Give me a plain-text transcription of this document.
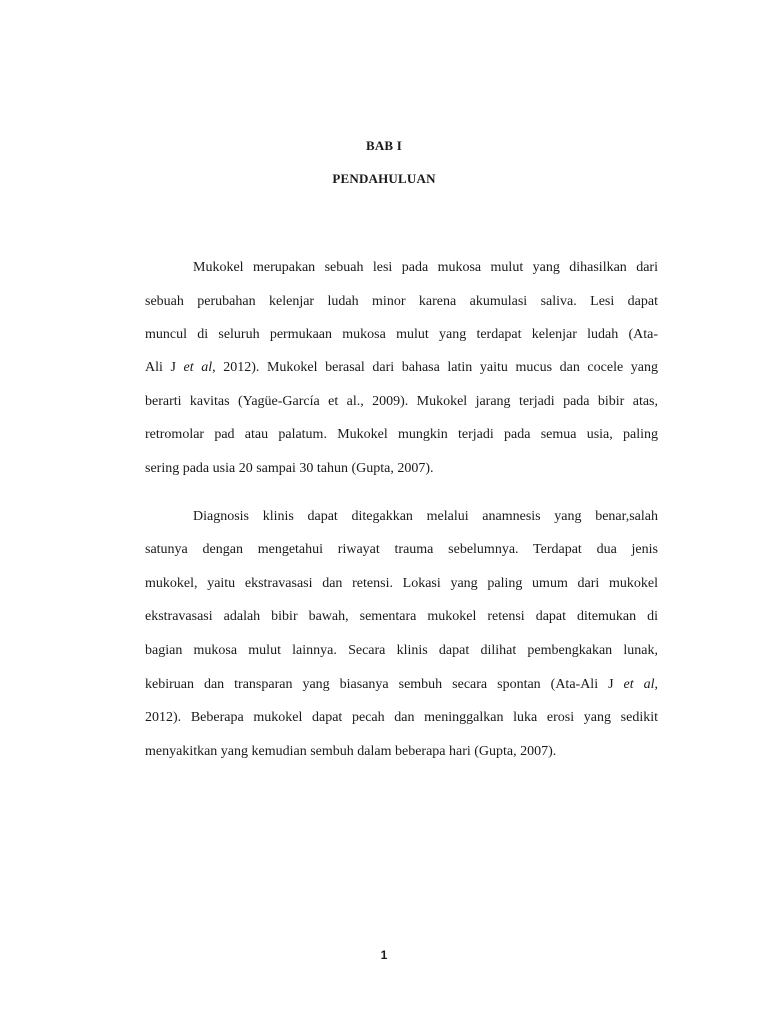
BAB I
PENDAHULUAN
Mukokel merupakan sebuah lesi pada mukosa mulut yang dihasilkan dari
sebuah perubahan kelenjar ludah minor karena akumulasi saliva. Lesi dapat
muncul di seluruh permukaan mukosa mulut yang terdapat kelenjar ludah (Ata-
Ali J et al, 2012). Mukokel berasal dari bahasa latin yaitu mucus dan cocele yang
berarti kavitas (Yagüe-García et al., 2009). Mukokel jarang terjadi pada bibir atas,
retromolar pad atau palatum. Mukokel mungkin terjadi pada semua usia, paling
sering pada usia 20 sampai 30 tahun (Gupta, 2007).
Diagnosis klinis dapat ditegakkan melalui anamnesis yang benar,salah
satunya dengan mengetahui riwayat trauma sebelumnya. Terdapat dua jenis
mukokel, yaitu ekstravasasi dan retensi. Lokasi yang paling umum dari mukokel
ekstravasasi adalah bibir bawah, sementara mukokel retensi dapat ditemukan di
bagian mukosa mulut lainnya. Secara klinis dapat dilihat pembengkakan lunak,
kebiruan dan transparan yang biasanya sembuh secara spontan (Ata-Ali J et al,
2012). Beberapa mukokel dapat pecah dan meninggalkan luka erosi yang sedikit
menyakitkan yang kemudian sembuh dalam beberapa hari (Gupta, 2007).
1
